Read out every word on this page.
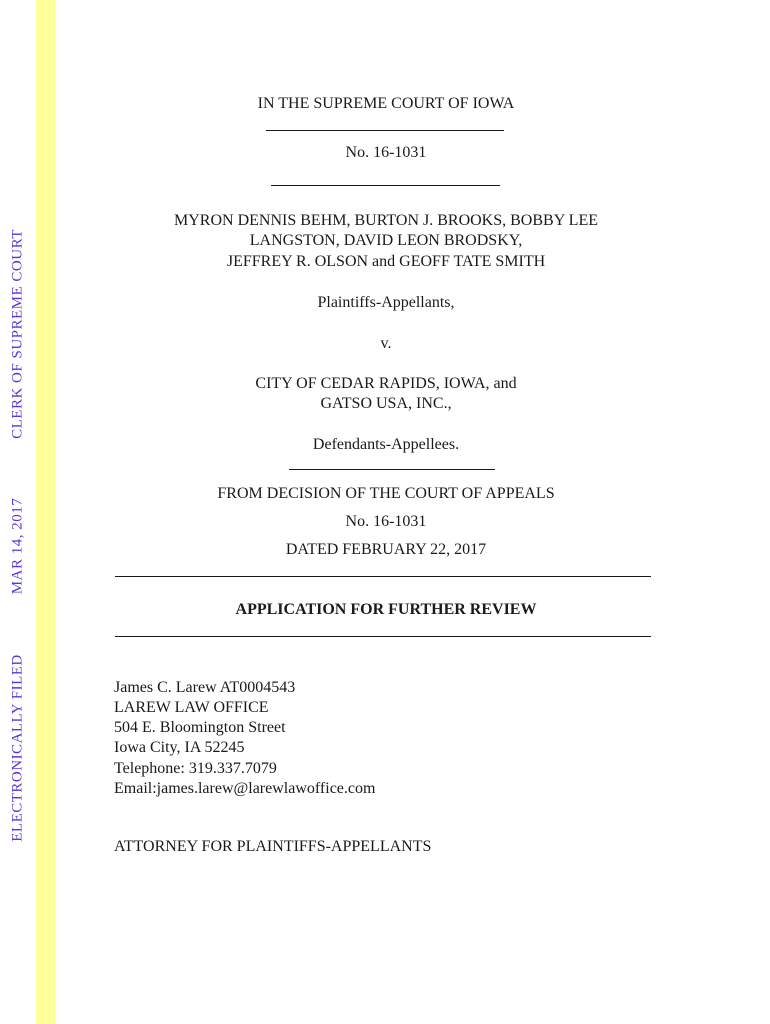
ELECTRONICALLY FILED
MAR 14, 2017
CLERK OF SUPREME COURT
IN THE SUPREME COURT OF IOWA
No. 16-1031
MYRON DENNIS BEHM, BURTON J. BROOKS, BOBBY LEE
LANGSTON, DAVID LEON BRODSKY,
JEFFREY R. OLSON and GEOFF TATE SMITH
Plaintiffs-Appellants,
v.
CITY OF CEDAR RAPIDS, IOWA, and
GATSO USA, INC.,
Defendants-Appellees.
FROM DECISION OF THE COURT OF APPEALS
No. 16-1031
DATED FEBRUARY 22, 2017
APPLICATION FOR FURTHER REVIEW
James C. Larew AT0004543
LAREW LAW OFFICE
504 E. Bloomington Street
Iowa City, IA 52245
Telephone: 319.337.7079
Email:james.larew@larewlawoffice.com
ATTORNEY FOR PLAINTIFFS-APPELLANTS
